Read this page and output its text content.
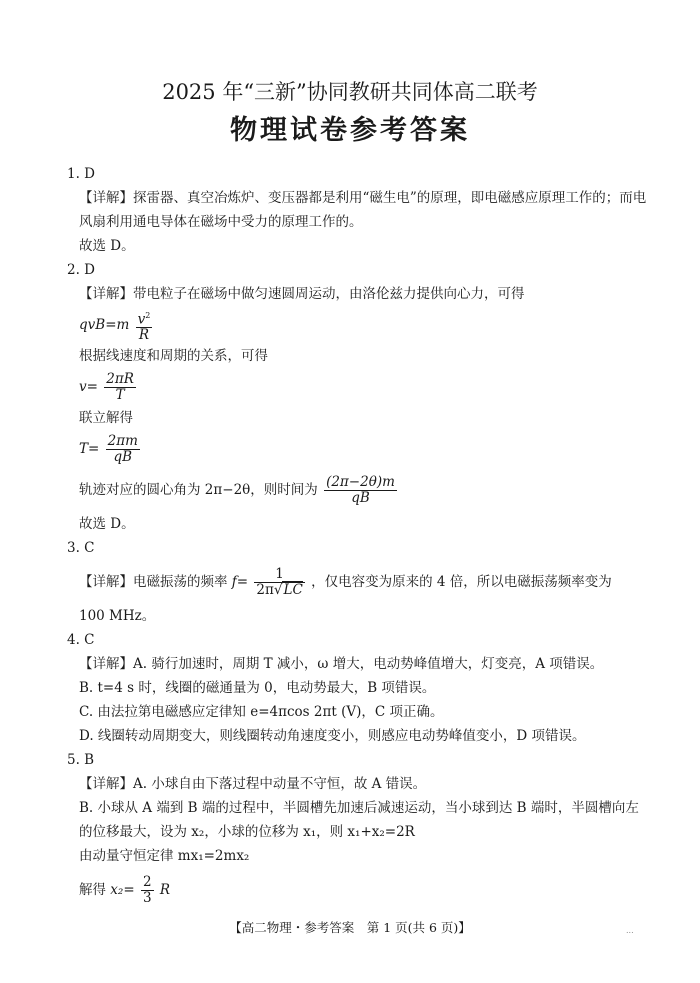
2025 年“三新”协同教研共同体高二联考
物理试卷参考答案
1. D
【详解】探雷器、真空冶炼炉、变压器都是利用“磁生电”的原理，即电磁感应原理工作的；而电
风扇利用通电导体在磁场中受力的原理工作的。
故选 D。
2. D
【详解】带电粒子在磁场中做匀速圆周运动，由洛伦兹力提供向心力，可得
$qvB=m \frac{v^2}{R}$
根据线速度和周期的关系，可得
$v= \frac{2\pi R}{T}$
联立解得
$T= \frac{2\pi m}{qB}$
轨迹对应的圆心角为 2π−2θ，则时间为 $\frac{(2\pi-2\theta)m}{qB}$
故选 D。
3. C
【详解】电磁振荡的频率 $f= \frac{1}{2\pi√LC}$ ，仅电容变为原来的 4 倍，所以电磁振荡频率变为
100 MHz。
4. C
【详解】A. 骑行加速时，周期 T 减小，ω 增大，电动势峰值增大，灯变亮，A 项错误。
B. t=4 s 时，线圈的磁通量为 0，电动势最大，B 项错误。
C. 由法拉第电磁感应定律知 e=4πcos 2πt (V)，C 项正确。
D. 线圈转动周期变大，则线圈转动角速度变小，则感应电动势峰值变小，D 项错误。
5. B
【详解】A. 小球自由下落过程中动量不守恒，故 A 错误。
B. 小球从 A 端到 B 端的过程中，半圆槽先加速后减速运动，当小球到达 B 端时，半圆槽向左
的位移最大，设为 x₂，小球的位移为 x₁，则 x₁+x₂=2R
由动量守恒定律 mx₁=2mx₂
解得 $x_2= \frac{2}{3}$ R
【高二物理・参考答案　第 1 页(共 6 页)】	...
